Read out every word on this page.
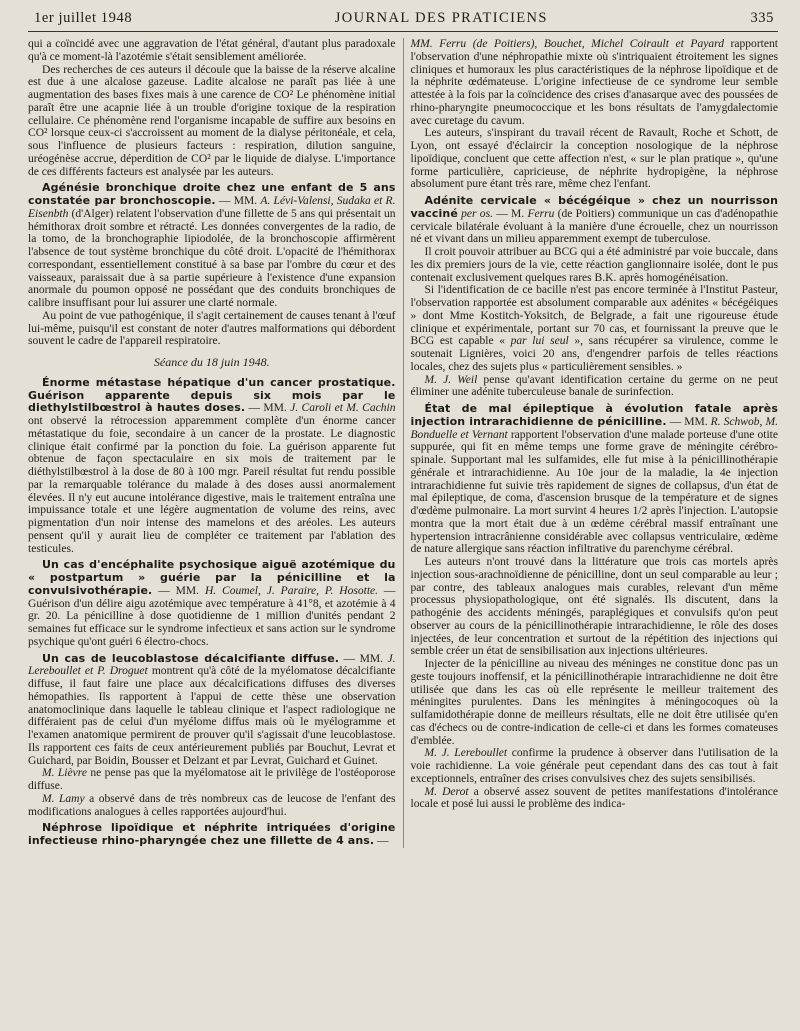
1er juillet 1948	JOURNAL DES PRATICIENS	335

qui a coïncidé avec une aggravation de l'état général, d'autant plus paradoxale qu'à ce moment-là l'azotémie s'était sensiblement améliorée.

Des recherches de ces auteurs il découle que la baisse de la réserve alcaline est due à une alcalose gazeuse. Ladite alcalose ne paraît pas liée à une augmentation des bases fixes mais à une carence de CO² Le phénomène initial paraît être une acapnie liée à un trouble d'origine toxique de la respiration cellulaire. Ce phénomène rend l'organisme incapable de suffire aux besoins en CO² lorsque ceux-ci s'accroissent au moment de la dialyse péritonéale, et cela, sous l'influence de plusieurs facteurs : respiration, dilution sanguine, uréogénèse accrue, déperdition de CO² par le liquide de dialyse. L'importance de ces différents facteurs est analysée par les auteurs.

Agénésie bronchique droite chez une enfant de 5 ans constatée par bronchoscopie. — MM. A. Lévi-Valensi, Sudaka et R. Eisenbth (d'Alger) relatent l'observation d'une fillette de 5 ans qui présentait un hémithorax droit sombre et rétracté. Les données convergentes de la radio, de la tomo, de la bronchographie lipiodolée, de la bronchoscopie affirmèrent l'absence de tout système bronchique du côté droit. L'opacité de l'hémithorax correspondant, essentiellement constitué à sa base par l'ombre du cœur et des vaisseaux, paraissait due à sa partie supérieure à l'existence d'une expansion anormale du poumon opposé ne possédant que des conduits bronchiques de calibre insuffisant pour lui assurer une clarté normale.

Au point de vue pathogénique, il s'agit certainement de causes tenant à l'œuf lui-même, puisqu'il est constant de noter d'autres malformations qui débordent souvent le cadre de l'appareil respiratoire.

Séance du 18 juin 1948.

Énorme métastase hépatique d'un cancer prostatique. Guérison apparente depuis six mois par le diethylstilbœstrol à hautes doses. — MM. J. Caroli et M. Cachin ont observé la rétrocession apparemment complète d'un énorme cancer métastatique du foie, secondaire à un cancer de la prostate. Le diagnostic clinique était confirmé par la ponction du foie. La guérison apparente fut obtenue de façon spectaculaire en six mois de traitement par le diéthylstilbœstrol à la dose de 80 à 100 mgr. Pareil résultat fut rendu possible par la remarquable tolérance du malade à des doses aussi anormalement élevées. Il n'y eut aucune intolérance digestive, mais le traitement entraîna une impuissance totale et une légère augmentation de volume des reins, avec pigmentation d'un noir intense des mamelons et des aréoles. Les auteurs pensent qu'il y aurait lieu de compléter ce traitement par l'ablation des testicules.

Un cas d'encéphalite psychosique aiguë azotémique du « postpartum » guérie par la pénicilline et la convulsivothérapie. — MM. H. Coumel, J. Paraire, P. Hosotte. — Guérison d'un délire aigu azotémique avec température à 41°8, et azotémie à 4 gr. 20. La pénicilline à dose quotidienne de 1 million d'unités pendant 2 semaines fut efficace sur le syndrome infectieux et sans action sur le syndrome psychique qu'ont guéri 6 électro-chocs.

Un cas de leucoblastose décalcifiante diffuse. — MM. J. Lereboullet et P. Droguet montrent qu'à côté de la myélomatose décalcifiante diffuse, il faut faire une place aux décalcifications diffuses des diverses hémopathies. Ils rapportent à l'appui de cette thèse une observation anatomoclinique dans laquelle le tableau clinique et l'aspect radiologique ne différaient pas de celui d'un myélome diffus mais où le myélogramme et l'examen anatomique permirent de prouver qu'il s'agissait d'une leucoblastose. Ils rapportent ces faits de ceux antérieurement publiés par Bouchut, Levrat et Guichard, par Boidin, Bousser et Delzant et par Levrat, Guichard et Guinet.

M. Lièvre ne pense pas que la myélomatose ait le privilège de l'ostéoporose diffuse.

M. Lamy a observé dans de très nombreux cas de leucose de l'enfant des modifications analogues à celles rapportées aujourd'hui.

Néphrose lipoïdique et néphrite intriquées d'origine infectieuse rhino-pharyngée chez une fillette de 4 ans. —

MM. Ferru (de Poitiers), Bouchet, Michel Coirault et Payard rapportent l'observation d'une néphropathie mixte où s'intriquaient étroitement les signes cliniques et humoraux les plus caractéristiques de la néphrose lipoïdique et de la néphrite œdémateuse. L'origine infectieuse de ce syndrome leur semble attestée à la fois par la coïncidence des crises d'anasarque avec des poussées de rhino-pharyngite pneumococcique et les bons résultats de l'amygdalectomie avec curetage du cavum.

Les auteurs, s'inspirant du travail récent de Ravault, Roche et Schott, de Lyon, ont essayé d'éclaircir la conception nosologique de la néphrose lipoïdique, concluent que cette affection n'est, « sur le plan pratique », qu'une forme particulière, capricieuse, de néphrite hydropigène, la néphrose absolument pure étant très rare, même chez l'enfant.

Adénite cervicale « bécégéique » chez un nourrisson vacciné per os. — M. Ferru (de Poitiers) communique un cas d'adénopathie cervicale bilatérale évoluant à la manière d'une écrouelle, chez un nourrisson né et vivant dans un milieu apparemment exempt de tuberculose.

Il croit pouvoir attribuer au BCG qui a été administré par voie buccale, dans les dix premiers jours de la vie, cette réaction ganglionnaire isolée, dont le pus contenait exclusivement quelques rares B.K. après homogénéisation.

Si l'identification de ce bacille n'est pas encore terminée à l'Institut Pasteur, l'observation rapportée est absolument comparable aux adénites « bécégéiques » dont Mme Kostitch-Yoksitch, de Belgrade, a fait une rigoureuse étude clinique et expérimentale, portant sur 70 cas, et fournissant la preuve que le BCG est capable « par lui seul », sans récupérer sa virulence, comme le soutenait Lignières, voici 20 ans, d'engendrer parfois de telles réactions locales, chez des sujets plus « particulièrement sensibles. »

M. J. Weil pense qu'avant identification certaine du germe on ne peut éliminer une adénite tuberculeuse banale de surinfection.

État de mal épileptique à évolution fatale après injection intrarachidienne de pénicilline. — MM. R. Schwob, M. Bonduelle et Vernant rapportent l'observation d'une malade porteuse d'une otite suppurée, qui fit en même temps une forme grave de méningite cérébro-spinale. Supportant mal les sulfamides, elle fut mise à la pénicillinothérapie générale et intrarachidienne. Au 10e jour de la maladie, la 4e injection intrarachidienne fut suivie très rapidement de signes de collapsus, d'un état de mal épileptique, de coma, d'ascension brusque de la température et de signes d'œdème pulmonaire. La mort survint 4 heures 1/2 après l'injection. L'autopsie montra que la mort était due à un œdème cérébral massif entraînant une hypertension intracrânienne considérable avec collapsus ventriculaire, œdème de nature allergique sans réaction infiltrative du parenchyme cérébral.

Les auteurs n'ont trouvé dans la littérature que trois cas mortels après injection sous-arachnoïdienne de pénicilline, dont un seul comparable au leur ; par contre, des tableaux analogues mais curables, relevant d'un même processus physiopathologique, ont été signalés. Ils discutent, dans la pathogénie des accidents méningés, paraplégiques et convulsifs qu'on peut observer au cours de la pénicillinothérapie intrarachidienne, le rôle des doses injectées, de leur concentration et surtout de la répétition des injections qui semble créer un état de sensibilisation aux injections ultérieures.

Injecter de la pénicilline au niveau des méninges ne constitue donc pas un geste toujours inoffensif, et la pénicillinothérapie intrarachidienne ne doit être utilisée que dans les cas où elle représente le meilleur traitement des méningites purulentes. Dans les méningites à méningocoques où la sulfamidothérapie donne de meilleurs résultats, elle ne doit être utilisée qu'en cas d'échecs ou de contre-indication de celle-ci et dans les formes comateuses d'emblée.

M. J. Lereboullet confirme la prudence à observer dans l'utilisation de la voie rachidienne. La voie générale peut cependant dans des cas tout à fait exceptionnels, entraîner des crises convulsives chez des sujets sensibilisés.

M. Derot a observé assez souvent de petites manifestations d'intolérance locale et posé lui aussi le problème des indica-
